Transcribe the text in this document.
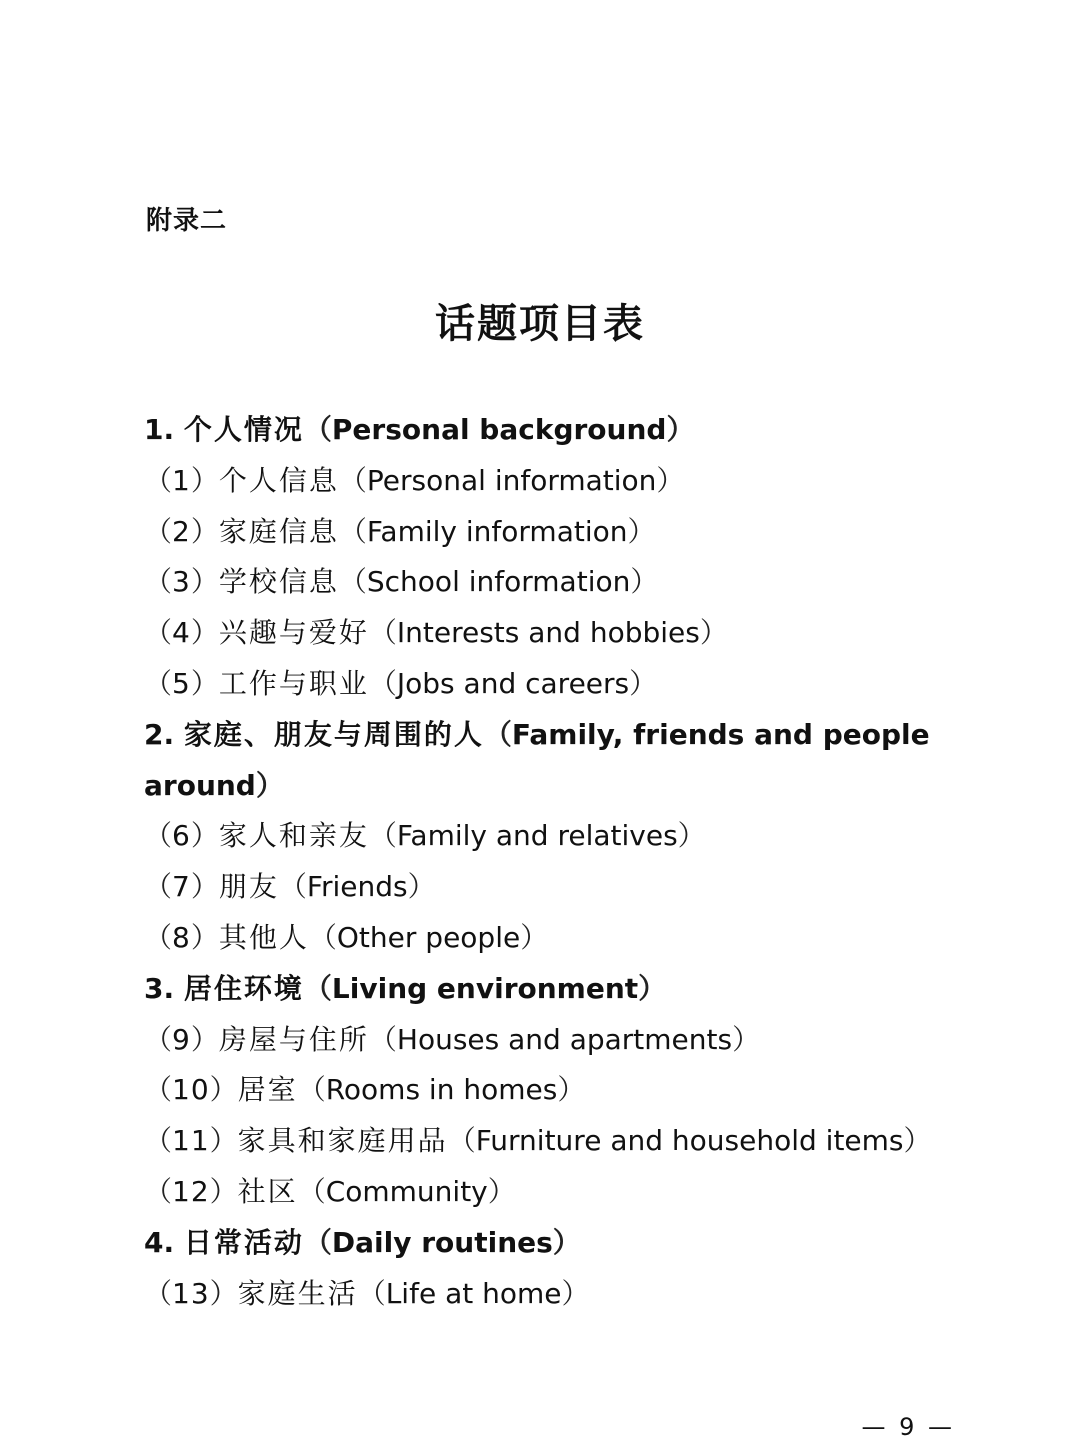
附录二
话题项目表
1. 个人情况（Personal background）
（1）个人信息（Personal information）
（2）家庭信息（Family information）
（3）学校信息（School information）
（4）兴趣与爱好（Interests and hobbies）
（5）工作与职业（Jobs and careers）
2. 家庭、朋友与周围的人（Family, friends and people around）
（6）家人和亲友（Family and relatives）
（7）朋友（Friends）
（8）其他人（Other people）
3. 居住环境（Living environment）
（9）房屋与住所（Houses and apartments）
（10）居室（Rooms in homes）
（11）家具和家庭用品（Furniture and household items）
（12）社区（Community）
4. 日常活动（Daily routines）
（13）家庭生活（Life at home）
— 9 —
